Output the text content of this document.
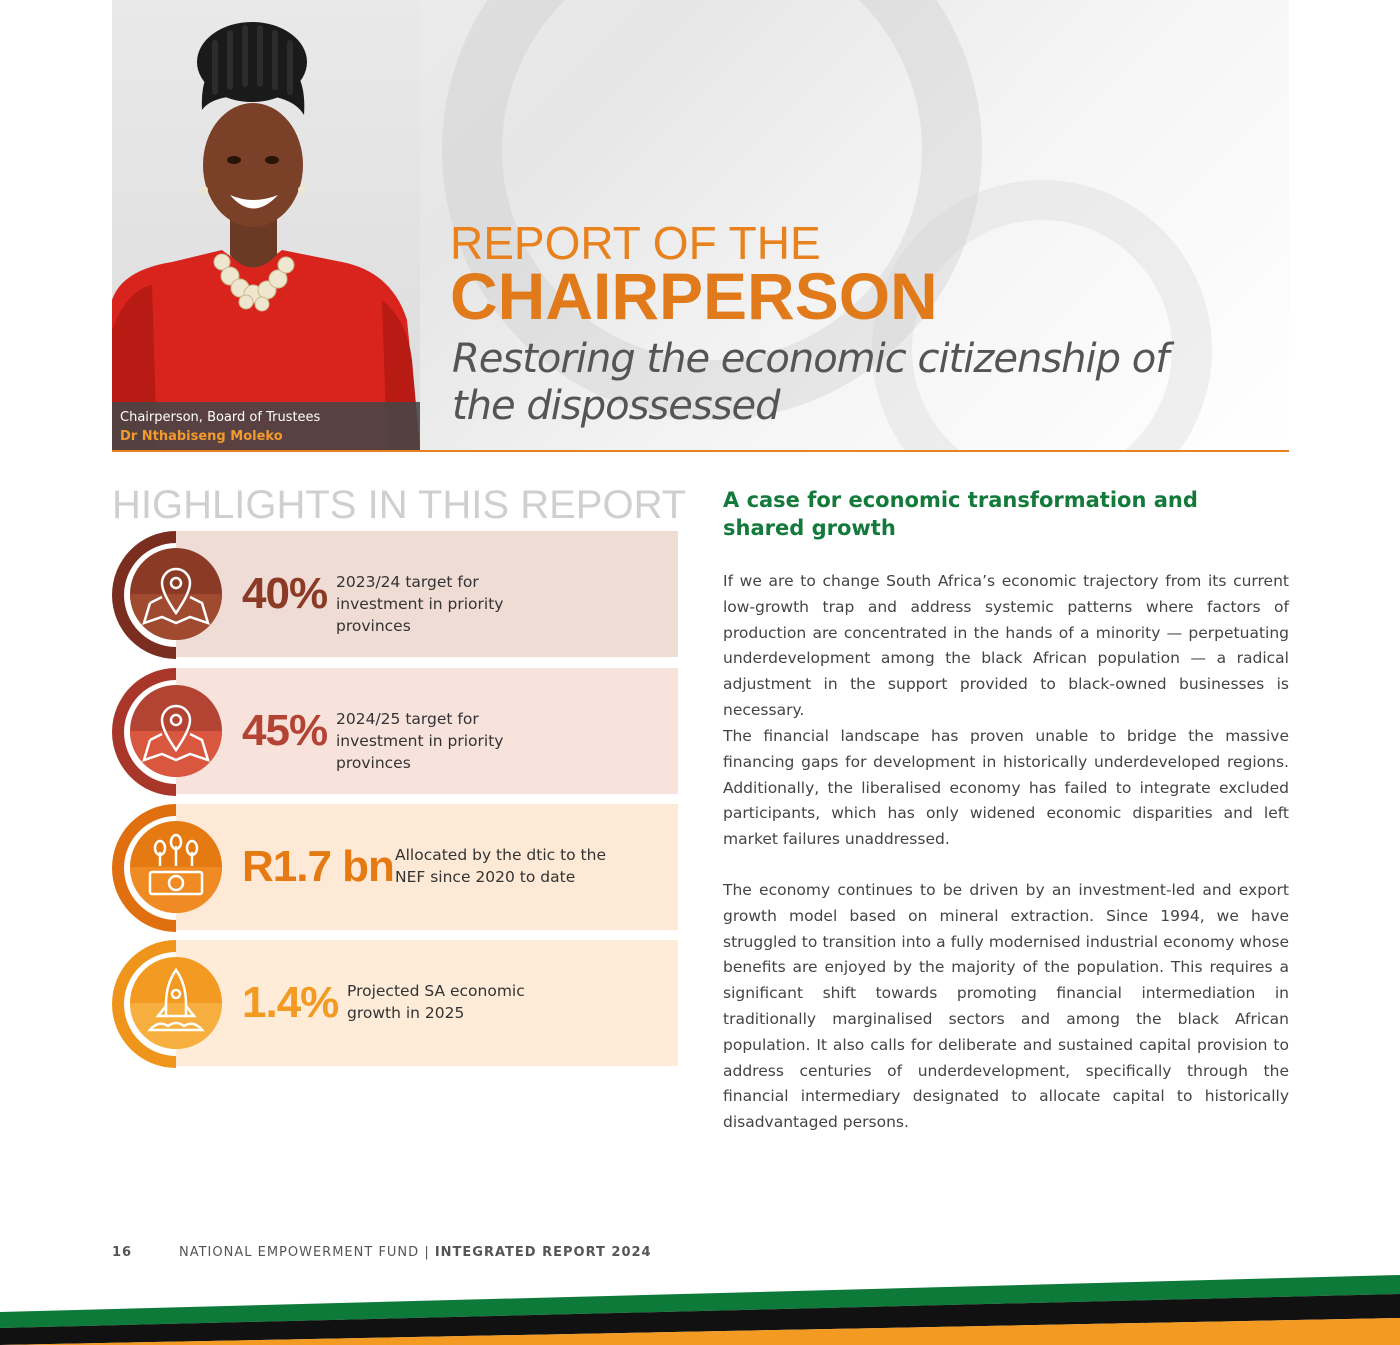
Chairperson, Board of Trustees
Dr Nthabiseng Moleko
REPORT OF THE
CHAIRPERSON
Restoring the economic citizenship of the dispossessed
HIGHLIGHTS IN THIS REPORT
40% 2023/24 target for investment in priority provinces
45% 2024/25 target for investment in priority provinces
R1.7 bn Allocated by the dtic to the NEF since 2020 to date
1.4% Projected SA economic growth in 2025
A case for economic transformation and shared growth
If we are to change South Africa’s economic trajectory from its current low-growth trap and address systemic patterns where factors of production are concentrated in the hands of a minority — perpetuating underdevelopment among the black African population — a radical adjustment in the support provided to black-owned businesses is necessary.
The financial landscape has proven unable to bridge the massive financing gaps for development in historically underdeveloped regions. Additionally, the liberalised economy has failed to integrate excluded participants, which has only widened economic disparities and left market failures unaddressed.
The economy continues to be driven by an investment-led and export growth model based on mineral extraction. Since 1994, we have struggled to transition into a fully modernised industrial economy whose benefits are enjoyed by the majority of the population. This requires a significant shift towards promoting financial intermediation in traditionally marginalised sectors and among the black African population. It also calls for deliberate and sustained capital provision to address centuries of underdevelopment, specifically through the financial intermediary designated to allocate capital to historically disadvantaged persons.
16	NATIONAL EMPOWERMENT FUND | INTEGRATED REPORT 2024
